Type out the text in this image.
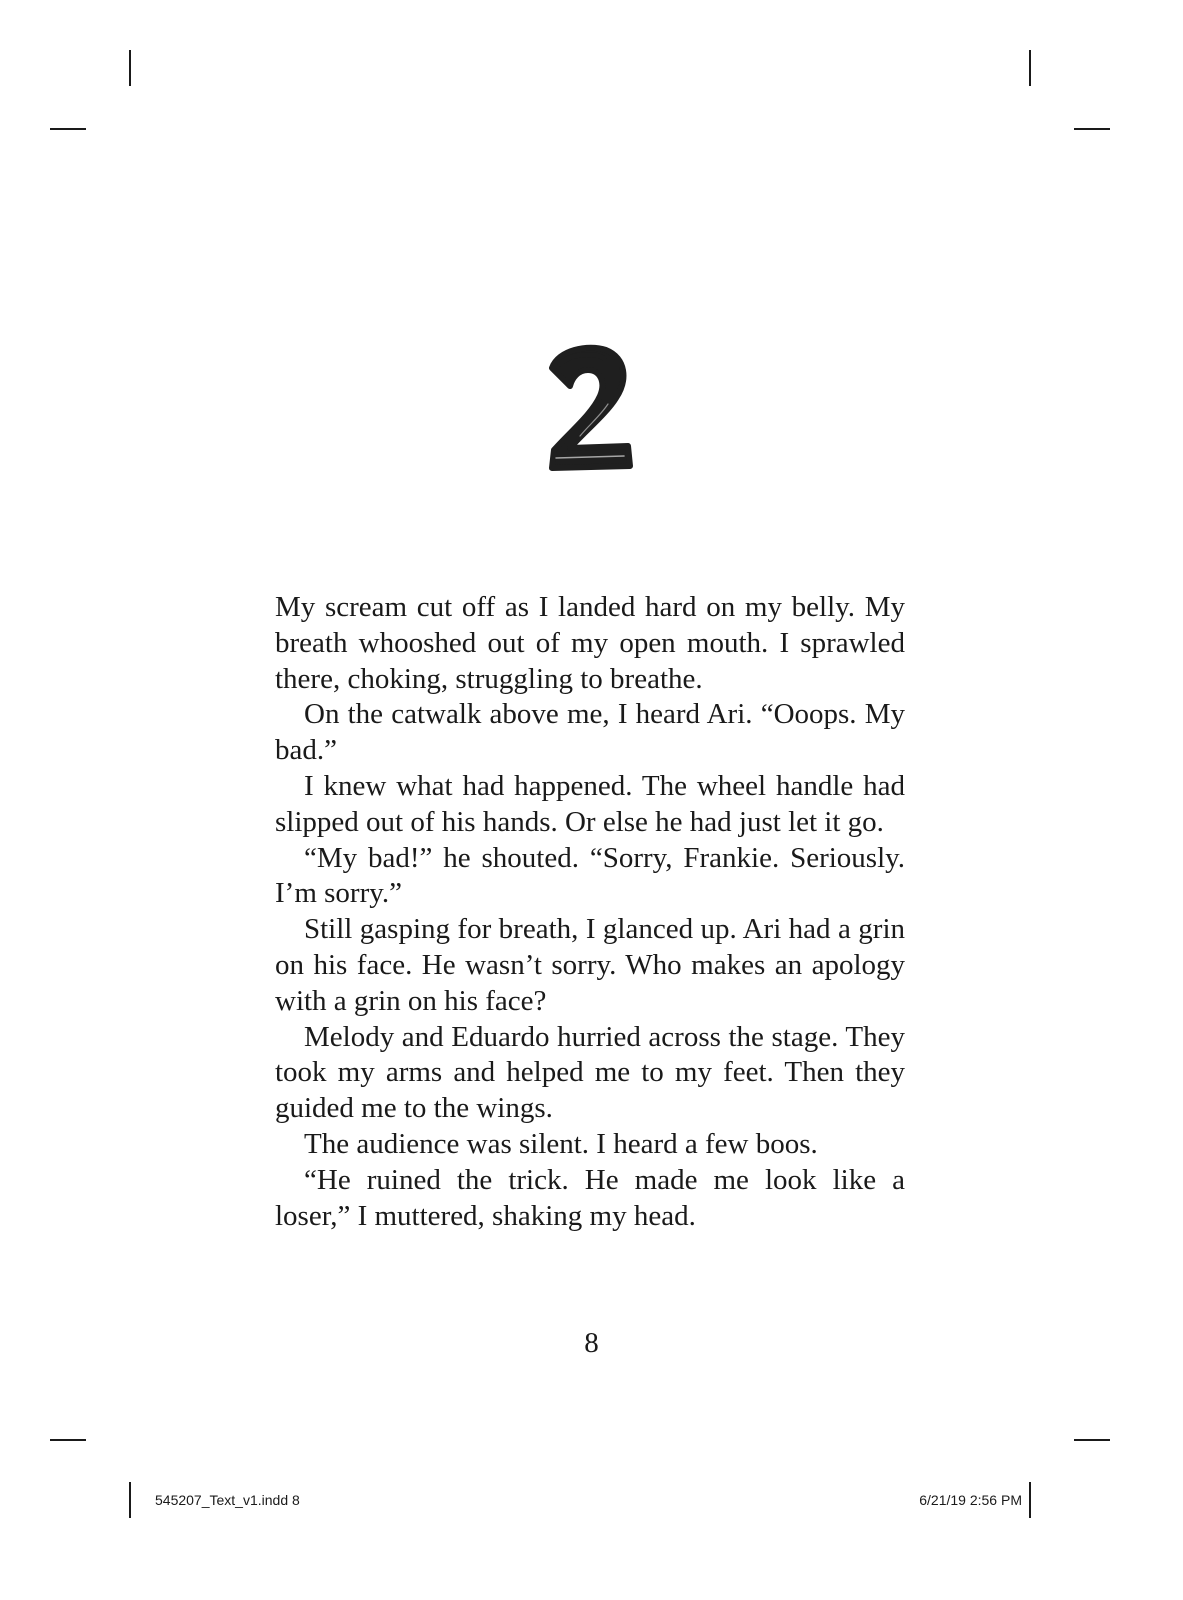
My scream cut off as I landed hard on my belly. My breath whooshed out of my open mouth. I sprawled there, choking, struggling to breathe.

On the catwalk above me, I heard Ari. “Ooops. My bad.”

I knew what had happened. The wheel handle had slipped out of his hands. Or else he had just let it go.

“My bad!” he shouted. “Sorry, Frankie. Seriously. I’m sorry.”

Still gasping for breath, I glanced up. Ari had a grin on his face. He wasn’t sorry. Who makes an apology with a grin on his face?

Melody and Eduardo hurried across the stage. They took my arms and helped me to my feet. Then they guided me to the wings.

The audience was silent. I heard a few boos.

“He ruined the trick. He made me look like a loser,” I muttered, shaking my head.

8
545207_Text_v1.indd 8	6/21/19 2:56 PM
